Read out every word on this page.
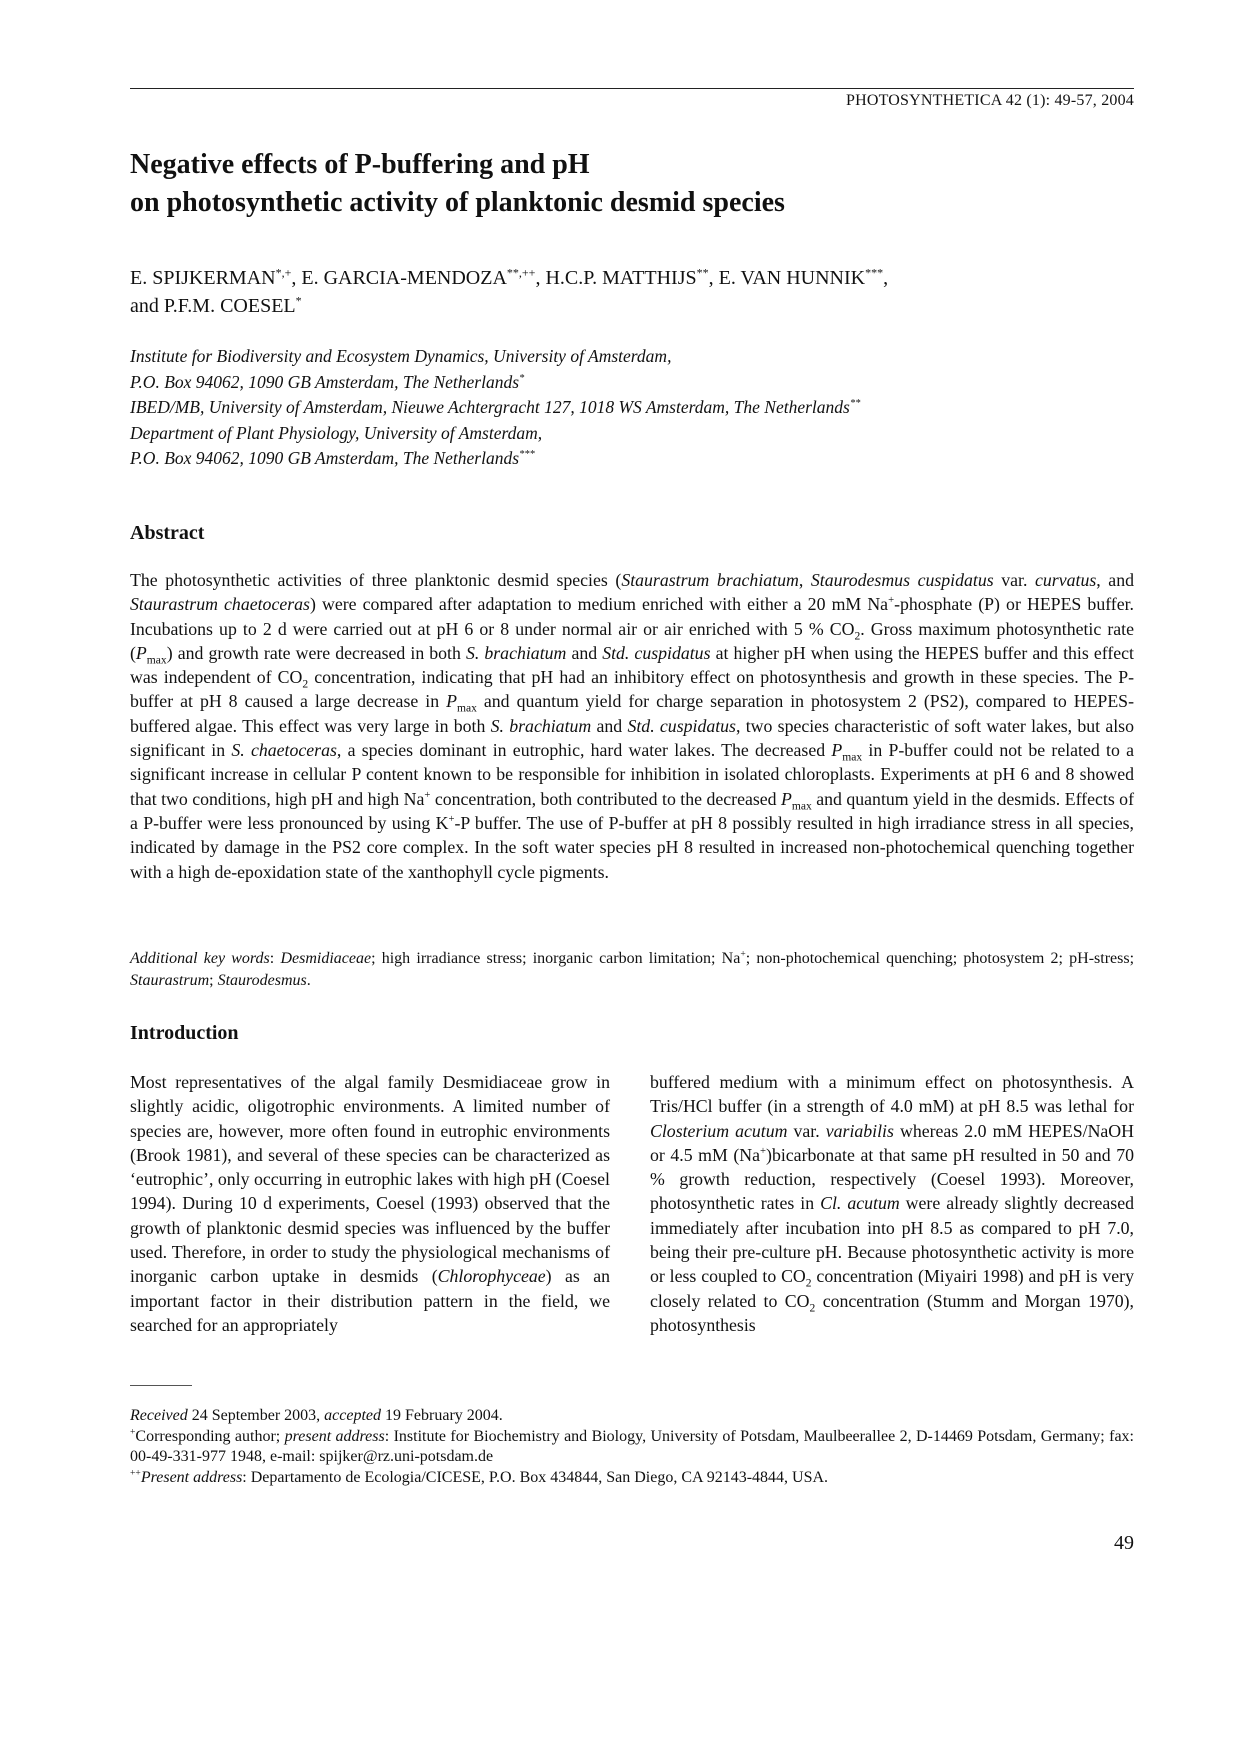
PHOTOSYNTHETICA 42 (1): 49-57, 2004
Negative effects of P-buffering and pH
on photosynthetic activity of planktonic desmid species
E. SPIJKERMAN*,+, E. GARCIA-MENDOZA**,++, H.C.P. MATTHIJS**, E. VAN HUNNIK***,
and P.F.M. COESEL*
Institute for Biodiversity and Ecosystem Dynamics, University of Amsterdam,
P.O. Box 94062, 1090 GB Amsterdam, The Netherlands*
IBED/MB, University of Amsterdam, Nieuwe Achtergracht 127, 1018 WS Amsterdam, The Netherlands**
Department of Plant Physiology, University of Amsterdam,
P.O. Box 94062, 1090 GB Amsterdam, The Netherlands***
Abstract

The photosynthetic activities of three planktonic desmid species (Staurastrum brachiatum, Staurodesmus cuspidatus var. curvatus, and Staurastrum chaetoceras) were compared after adaptation to medium enriched with either a 20 mM Na+-phosphate (P) or HEPES buffer. Incubations up to 2 d were carried out at pH 6 or 8 under normal air or air enriched with 5 % $CO_2$. Gross maximum photosynthetic rate $(P_{max})$ and growth rate were decreased in both S. brachiatum and Std. cuspidatus at higher pH when using the HEPES buffer and this effect was independent of $CO_2$ concentration, indicating that pH had an inhibitory effect on photosynthesis and growth in these species. The P-buffer at pH 8 caused a large decrease in $P_{max}$ and quantum yield for charge separation in photosystem 2 (PS2), compared to HEPES-buffered algae. This effect was very large in both S. brachiatum and Std. cuspidatus, two species characteristic of soft water lakes, but also significant in S. chaetoceras, a species dominant in eutrophic, hard water lakes. The decreased $P_{max}$ in P-buffer could not be related to a significant increase in cellular P content known to be responsible for inhibition in isolated chloroplasts. Experiments at pH 6 and 8 showed that two conditions, high pH and high Na+ concentration, both contributed to the decreased $P_{max}$ and quantum yield in the desmids. Effects of a P-buffer were less pronounced by using K+-P buffer. The use of P-buffer at pH 8 possibly resulted in high irradiance stress in all species, indicated by damage in the PS2 core complex. In the soft water species pH 8 resulted in increased non-photochemical quenching together with a high de-epoxidation state of the xanthophyll cycle pigments.

Additional key words: Desmidiaceae; high irradiance stress; inorganic carbon limitation; Na+; non-photochemical quenching; photosystem 2; pH-stress; Staurastrum; Staurodesmus.

Introduction

Most representatives of the algal family Desmidiaceae grow in slightly acidic, oligotrophic environments. A limited number of species are, however, more often found in eutrophic environments (Brook 1981), and several of these species can be characterized as ‘eutrophic’, only occurring in eutrophic lakes with high pH (Coesel 1994). During 10 d experiments, Coesel (1993) observed that the growth of planktonic desmid species was influenced by the buffer used. Therefore, in order to study the physiological mechanisms of inorganic carbon uptake in desmids (Chlorophyceae) as an important factor in their distribution pattern in the field, we searched for an appropriately

buffered medium with a minimum effect on photosynthesis. A Tris/HCl buffer (in a strength of 4.0 mM) at pH 8.5 was lethal for Closterium acutum var. variabilis whereas 2.0 mM HEPES/NaOH or 4.5 mM (Na+)bicarbonate at that same pH resulted in 50 and 70 % growth reduction, respectively (Coesel 1993). Moreover, photosynthetic rates in Cl. acutum were already slightly decreased immediately after incubation into pH 8.5 as compared to pH 7.0, being their pre-culture pH. Because photosynthetic activity is more or less coupled to $CO_2$ concentration (Miyairi 1998) and pH is very closely related to $CO_2$ concentration (Stumm and Morgan 1970), photosynthesis

Received 24 September 2003, accepted 19 February 2004.

+Corresponding author; present address: Institute for Biochemistry and Biology, University of Potsdam, Maulbeerallee 2, D-14469 Potsdam, Germany; fax: 00-49-331-977 1948, e-mail: spijker@rz.uni-potsdam.de

++Present address: Departamento de Ecologia/CICESE, P.O. Box 434844, San Diego, CA 92143-4844, USA.

49
